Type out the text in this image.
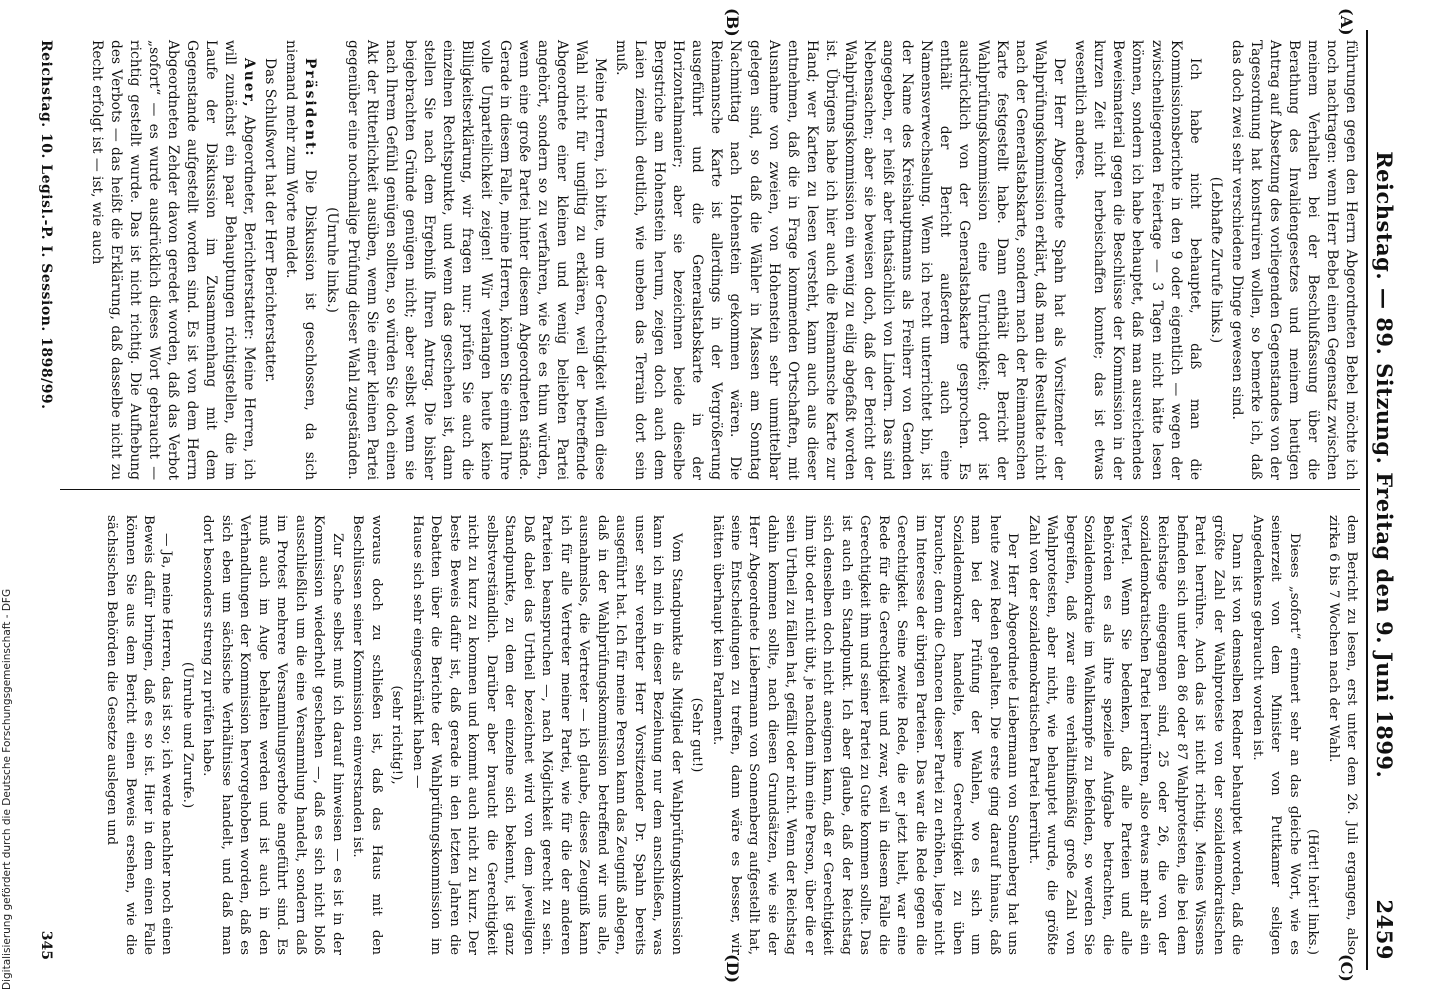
Reichstag. — 89. Sitzung. Freitag den 9. Juni 1899.
2459
(A)
(B)
(C)
(D)

führungen gegen den Herrn Abgeordneten Bebel möchte ich noch nachtragen: wenn Herr Bebel einen Gegensatz zwischen meinem Verhalten bei der Beschlußfassung über die Berathung des Invalidengesetzes und meinem heutigen Antrag auf Absetzung des vorliegenden Gegenstandes von der Tagesordnung hat konstruiren wollen, so bemerke ich, daß das doch zwei sehr verschiedene Dinge gewesen sind.

(Lebhafte Zurufe links.)

Ich habe nicht behauptet, daß man die Kommissionsberichte in den 9 oder eigentlich — wegen der zwischenliegenden Feiertage — 3 Tagen nicht hätte lesen können, sondern ich habe behauptet, daß man ausreichendes Beweismaterial gegen die Beschlüsse der Kommission in der kurzen Zeit nicht herbeischaffen konnte; das ist etwas wesentlich anderes.

Der Herr Abgeordnete Spahn hat als Vorsitzender der Wahlprüfungskommission erklärt, daß man die Resultate nicht nach der Generalstabskarte, sondern nach der Reimannschen Karte festgestellt habe. Dann enthält der Bericht der Wahlprüfungskommission eine Unrichtigkeit; dort ist ausdrücklich von der Generalstabskarte gesprochen. Es enthält der Bericht außerdem auch eine Namensverwechselung. Wenn ich recht unterrichtet bin, ist der Name des Kreishauptmanns als Freiherr von Gemden angegeben, er heißt aber thatsächlich von Lindern. Das sind Nebensachen; aber sie beweisen doch, daß der Bericht der Wahlprüfungskommission ein wenig zu eilig abgefaßt worden ist. Übrigens habe ich hier auch die Reimannsche Karte zur Hand; wer Karten zu lesen versteht, kann auch aus dieser entnehmen, daß die in Frage kommenden Ortschaften, mit Ausnahme von zweien, von Hohenstein sehr unmittelbar gelegen sind, so daß die Wähler in Massen am Sonntag Nachmittag nach Hohenstein gekommen wären. Die Reimannsche Karte ist allerdings in der Vergrößerung ausgeführt und die Generalstabskarte in der Horizontalmanier; aber sie bezeichnen beide dieselbe Bergstriche am Hohenstein herum, zeigen doch auch dem Laien ziemlich deutlich, wie uneben das Terrain dort sein muß.

Meine Herren, ich bitte, um der Gerechtigkeit willen diese Wahl nicht für ungiltig zu erklären, weil der betreffende Abgeordnete einer kleinen und wenig beliebten Partei angehört, sondern so zu verfahren, wie Sie es thun würden, wenn eine große Partei hinter diesem Abgeordneten stände. Gerade in diesem Falle, meine Herren, können Sie einmal Ihre volle Unparteilichkeit zeigen! Wir verlangen heute keine Billigkeitserklärung, wir fragen nur: prüfen Sie auch die einzelnen Rechtspunkte, und wenn das geschehen ist, dann stellen Sie nach dem Ergebniß Ihren Antrag. Die bisher beigebrachten Gründe genügen nicht; aber selbst wenn sie nach Ihrem Gefühl genügen sollten, so würden Sie doch einen Akt der Ritterlichkeit ausüben, wenn Sie einer kleinen Partei gegenüber eine nochmalige Prüfung dieser Wahl zugeständen.

(Unruhe links.)

Präsident: Die Diskussion ist geschlossen, da sich niemand mehr zum Worte meldet.

Das Schlußwort hat der Herr Berichterstatter.

Auer, Abgeordneter, Berichterstatter: Meine Herren, ich will zunächst ein paar Behauptungen richtigstellen, die im Laufe der Diskussion im Zusammenhang mit dem Gegenstande aufgestellt worden sind. Es ist von dem Herrn Abgeordneten Zehder davon geredet worden, daß das Verbot „sofort“ — es wurde ausdrücklich dieses Wort gebraucht — richtig gestellt wurde. Das ist nicht richtig. Die Aufhebung des Verbots — das heißt die Erklärung, daß dasselbe nicht zu Recht erfolgt ist — ist, wie auch

dem Bericht zu lesen, erst unter dem 26. Juli ergangen, also zirka 6 bis 7 Wochen nach der Wahl.

(Hört! hört! links.)

Dieses „sofort“ erinnert sehr an das gleiche Wort, wie es seinerzeit von dem Minister von Puttkamer seligen Angedenkens gebraucht worden ist.

Dann ist von demselben Redner behauptet worden, daß die größte Zahl der Wahlproteste von der sozialdemokratischen Partei herrühre. Auch das ist nicht richtig. Meines Wissens befinden sich unter den 86 oder 87 Wahlprotesten, die bei dem Reichstage eingegangen sind, 25 oder 26, die von der sozialdemokratischen Partei herrühren, also etwas mehr als ein Viertel. Wenn Sie bedenken, daß alle Parteien und alle Behörden es als ihre spezielle Aufgabe betrachten, die Sozialdemokratie im Wahlkampfe zu befehden, so werden Sie begreifen, daß zwar eine verhältnißmäßig große Zahl von Wahlprotesten, aber nicht, wie behauptet wurde, die größte Zahl von der sozialdemokratischen Partei herrührt.

Der Herr Abgeordnete Liebermann von Sonnenberg hat uns heute zwei Reden gehalten. Die erste ging darauf hinaus, daß man bei der Prüfung der Wahlen, wo es sich um Sozialdemokraten handelte, keine Gerechtigkeit zu üben brauche; denn die Chancen dieser Partei zu erhöhen, liege nicht im Interesse der übrigen Parteien. Das war die Rede gegen die Gerechtigkeit. Seine zweite Rede, die er jetzt hielt, war eine Rede für die Gerechtigkeit und zwar, weil in diesem Falle die Gerechtigkeit ihm und seiner Partei zu Gute kommen sollte. Das ist auch ein Standpunkt. Ich aber glaube, daß der Reichstag sich denselben doch nicht aneignen kann, daß er Gerechtigkeit ihm übt oder nicht übt, je nachdem ihm eine Person, über die er sein Urtheil zu fällen hat, gefällt oder nicht. Wenn der Reichstag dahin kommen sollte, nach diesen Grundsätzen, wie sie der Herr Abgeordnete Liebermann von Sonnenberg aufgestellt hat, seine Entscheidungen zu treffen, dann wäre es besser, wir hätten überhaupt kein Parlament.

(Sehr gut!)

Vom Standpunkte als Mitglied der Wahlprüfungskommission kann ich mich in dieser Beziehung nur dem anschließen, was unser sehr verehrter Herr Vorsitzender Dr. Spahn bereits ausgeführt hat. Ich für meine Person kann das Zeugniß ablegen, daß in der Wahlprüfungskommission betreffend wir uns alle, ausnahmslos, die Vertreter — ich glaube, dieses Zeugniß kann ich für alle Vertreter meiner Partei, wie für die der anderen Parteien beanspruchen —, nach Möglichkeit gerecht zu sein. Daß dabei das Urtheil bezeichnet wird von dem jeweiligen Standpunkte, zu dem der einzelne sich bekennt, ist ganz selbstverständlich. Darüber aber braucht die Gerechtigkeit nicht zu kurz zu kommen und kommt auch nicht zu kurz. Der beste Beweis dafür ist, daß gerade in den letzten Jahren die Debatten über die Berichte der Wahlprüfungskommission im Hause sich sehr eingeschränkt haben —

(sehr richtig!),

woraus doch zu schließen ist, daß das Haus mit den Beschlüssen seiner Kommission einverstanden ist.

Zur Sache selbst muß ich darauf hinweisen — es ist in der Kommission wiederholt geschehen —, daß es sich nicht bloß ausschließlich um die eine Versammlung handelt, sondern daß im Protest mehrere Versammlungsverbote angeführt sind. Es muß auch im Auge behalten werden und ist auch in den Verhandlungen der Kommission hervorgehoben worden, daß es sich eben um sächsische Verhältnisse handelt, und daß man dort besonders streng zu prüfen habe.

(Unruhe und Zurufe.)

— Ja, meine Herren, das ist so; ich werde nachher noch einen Beweis dafür bringen, daß es so ist. Hier in dem einen Falle können Sie aus dem Bericht einen Beweis ersehen, wie die sächsischen Behörden die Gesetze auslegen und

Reichstag. 10. Legisl.-P. I. Session. 1898/99.
345
Digitalisierung gefördert durch die Deutsche Forschungsgemeinschaft - DFG
